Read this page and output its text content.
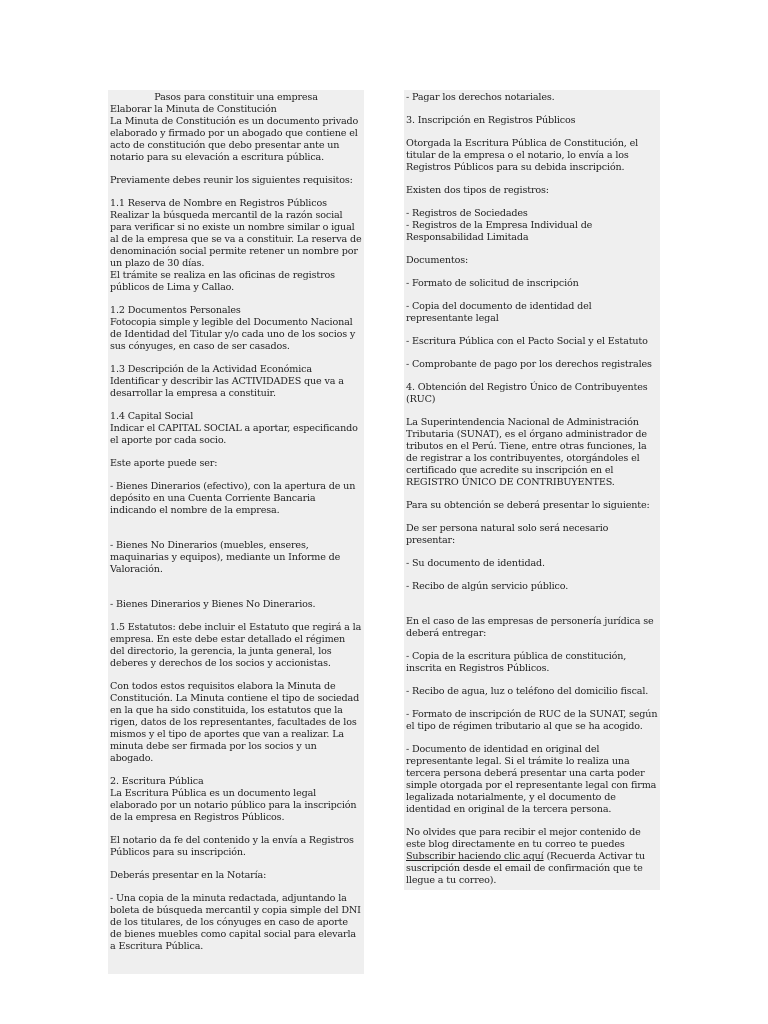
Pasos para constituir una empresa

Elaborar la Minuta de Constitución

La Minuta de Constitución es un documento privado elaborado y firmado por un abogado que contiene el acto de constitución que debo presentar ante un notario para su elevación a escritura pública.

Previamente debes reunir los siguientes requisitos:

1.1 Reserva de Nombre en Registros Públicos

Realizar la búsqueda mercantil de la razón social para verificar si no existe un nombre similar o igual al de la empresa que se va a constituir. La reserva de denominación social permite retener un nombre por un plazo de 30 días.

El trámite se realiza en las oficinas de registros públicos de Lima y Callao.

1.2 Documentos Personales

Fotocopia simple y legible del Documento Nacional de Identidad del Titular y/o cada uno de los socios y sus cónyuges, en caso de ser casados.

1.3 Descripción de la Actividad Económica

Identificar y describir las ACTIVIDADES que va a desarrollar la empresa a constituir.

1.4 Capital Social

Indicar el CAPITAL SOCIAL a aportar, especificando el aporte por cada socio.

Este aporte puede ser:

- Bienes Dinerarios (efectivo), con la apertura de un depósito en una Cuenta Corriente Bancaria indicando el nombre de la empresa.

- Bienes No Dinerarios (muebles, enseres, maquinarias y equipos), mediante un Informe de Valoración.

- Bienes Dinerarios y Bienes No Dinerarios.

1.5 Estatutos: debe incluir el Estatuto que regirá a la empresa. En este debe estar detallado el régimen del directorio, la gerencia, la junta general, los deberes y derechos de los socios y accionistas.

Con todos estos requisitos elabora la Minuta de Constitución. La Minuta contiene el tipo de sociedad en la que ha sido constituida, los estatutos que la rigen, datos de los representantes, facultades de los mismos y el tipo de aportes que van a realizar. La minuta debe ser firmada por los socios y un abogado.

2. Escritura Pública

La Escritura Pública es un documento legal elaborado por un notario público para la inscripción de la empresa en Registros Públicos.

El notario da fe del contenido y la envía a Registros Públicos para su inscripción.

Deberás presentar en la Notaría:

- Una copia de la minuta redactada, adjuntando la boleta de búsqueda mercantil y copia simple del DNI de los titulares, de los cónyuges en caso de aporte de bienes muebles como capital social para elevarla a Escritura Pública.

- Pagar los derechos notariales.

3. Inscripción en Registros Públicos

Otorgada la Escritura Pública de Constitución, el titular de la empresa o el notario, lo envía a los Registros Públicos para su debida inscripción.

Existen dos tipos de registros:

- Registros de Sociedades

- Registros de la Empresa Individual de Responsabilidad Limitada

Documentos:

- Formato de solicitud de inscripción

- Copia del documento de identidad del representante legal

- Escritura Pública con el Pacto Social y el Estatuto

- Comprobante de pago por los derechos registrales

4. Obtención del Registro Único de Contribuyentes (RUC)

La Superintendencia Nacional de Administración Tributaria (SUNAT), es el órgano administrador de tributos en el Perú. Tiene, entre otras funciones, la de registrar a los contribuyentes, otorgándoles el certificado que acredite su inscripción en el REGISTRO ÚNICO DE CONTRIBUYENTES.

Para su obtención se deberá presentar lo siguiente:

De ser persona natural solo será necesario presentar:

- Su documento de identidad.

- Recibo de algún servicio público.

En el caso de las empresas de personería jurídica se deberá entregar:

- Copia de la escritura pública de constitución, inscrita en Registros Públicos.

- Recibo de agua, luz o teléfono del domicilio fiscal.

- Formato de inscripción de RUC de la SUNAT, según el tipo de régimen tributario al que se ha acogido.

- Documento de identidad en original del representante legal. Si el trámite lo realiza una tercera persona deberá presentar una carta poder simple otorgada por el representante legal con firma legalizada notarialmente, y el documento de identidad en original de la tercera persona.

No olvides que para recibir el mejor contenido de este blog directamente en tu correo te puedes Subscribir haciendo clic aquí (Recuerda Activar tu suscripción desde el email de confirmación que te llegue a tu correo).
